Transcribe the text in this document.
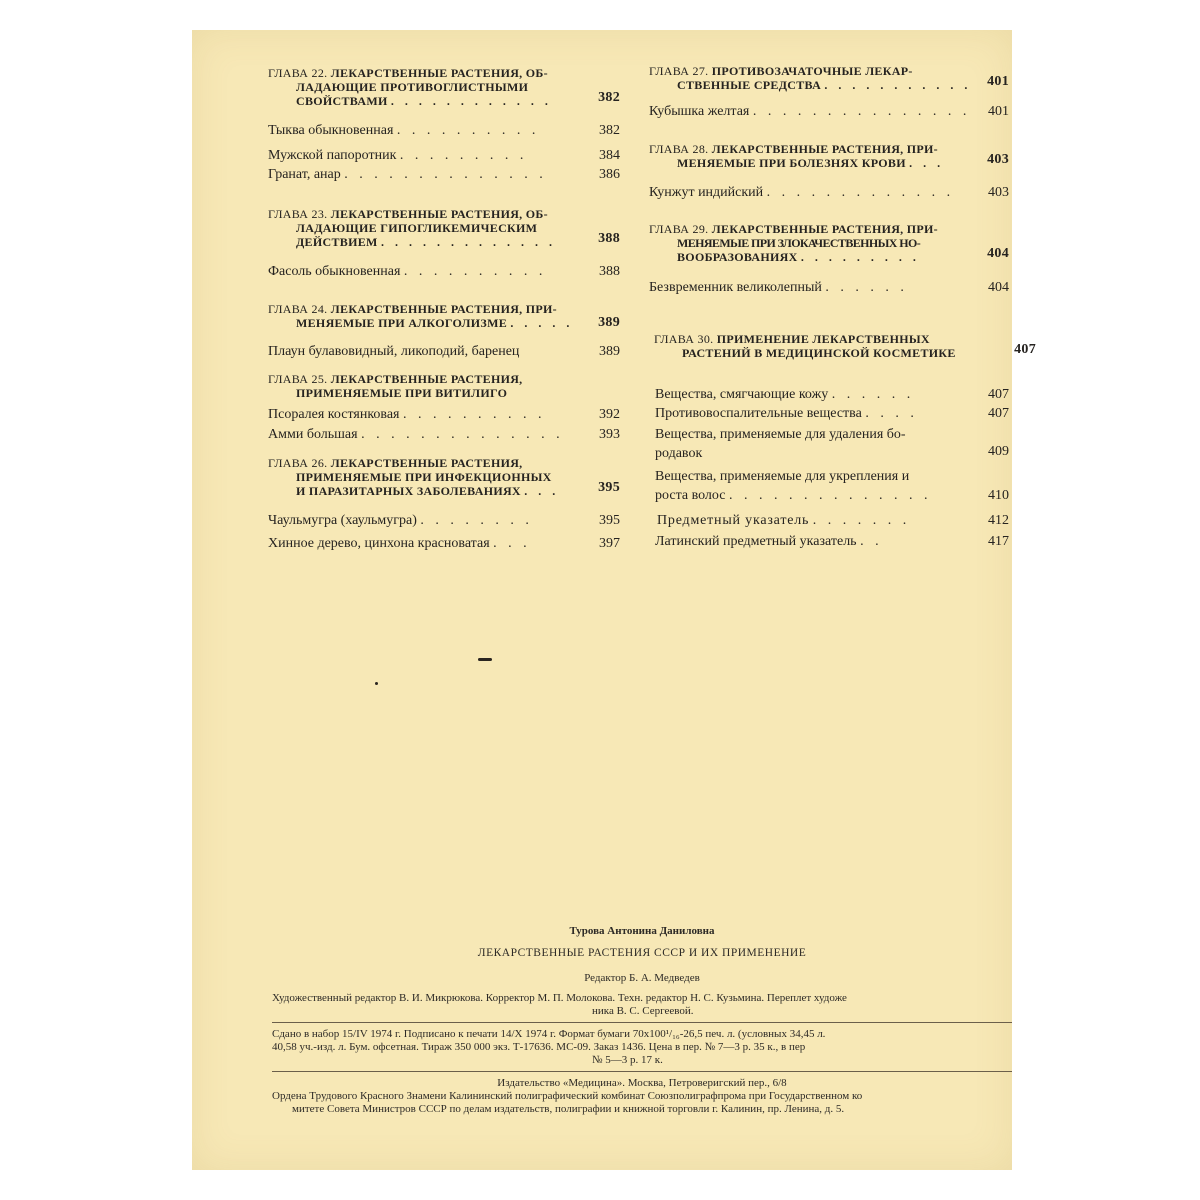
ГЛАВА 22. ЛЕКАРСТВЕННЫЕ РАСТЕНИЯ, ОБ-
ЛАДАЮЩИЕ ПРОТИВОГЛИСТНЫМИ
СВОЙСТВАМИ . . . . . . . . . . . .	382
Тыква обыкновенная . . . . . . . . . .	382
Мужской папоротник . . . . . . . . .	384
Гранат, анар . . . . . . . . . . . . . .	386
ГЛАВА 23. ЛЕКАРСТВЕННЫЕ РАСТЕНИЯ, ОБ-
ЛАДАЮЩИЕ ГИПОГЛИКЕМИЧЕСКИМ
ДЕЙСТВИЕМ . . . . . . . . . . . . .	388
Фасоль обыкновенная . . . . . . . . . .	388
ГЛАВА 24. ЛЕКАРСТВЕННЫЕ РАСТЕНИЯ, ПРИ-
МЕНЯЕМЫЕ ПРИ АЛКОГОЛИЗМЕ . . . . . 389
Плаун булавовидный, ликоподий, баренец	389
ГЛАВА 25. ЛЕКАРСТВЕННЫЕ РАСТЕНИЯ,
ПРИМЕНЯЕМЫЕ ПРИ ВИТИЛИГО
Псоралея костянковая . . . . . . . . . .	392
Амми большая . . . . . . . . . . . . . .	393
ГЛАВА 26. ЛЕКАРСТВЕННЫЕ РАСТЕНИЯ,
ПРИМЕНЯЕМЫЕ ПРИ ИНФЕКЦИОННЫХ
И ПАРАЗИТАРНЫХ ЗАБОЛЕВАНИЯХ . . .	395
Чаульмугра (хаульмугра) . . . . . . . .	395
Хинное дерево, цинхона красноватая . . .	397
ГЛАВА 27. ПРОТИВОЗАЧАТОЧНЫЕ ЛЕКАР-
СТВЕННЫЕ СРЕДСТВА . . . . . . . . . . . 401
Кубышка желтая . . . . . . . . . . . . . . . 401
ГЛАВА 28. ЛЕКАРСТВЕННЫЕ РАСТЕНИЯ, ПРИ-
МЕНЯЕМЫЕ ПРИ БОЛЕЗНЯХ КРОВИ . . .	403
Кунжут индийский . . . . . . . . . . . . . 403
ГЛАВА 29. ЛЕКАРСТВЕННЫЕ РАСТЕНИЯ, ПРИ-
МЕНЯЕМЫЕ ПРИ ЗЛОКАЧЕСТВЕННЫХ НО-
ВООБРАЗОВАНИЯХ . . . . . . . . .	404
Безвременник великолепный . . . . . .	404
ГЛАВА 30. ПРИМЕНЕНИЕ ЛЕКАРСТВЕННЫХ
РАСТЕНИЙ В МЕДИЦИНСКОЙ КОСМЕТИКЕ	407
Вещества, смягчающие кожу . . . . . .	407
Противовоспалительные вещества . . . .	407
Вещества, применяемые для удаления бо-
родавок	409
Вещества, применяемые для укрепления и
роста волос . . . . . . . . . . . . . .	410
Предметный указатель . . . . . . .	412
Латинский предметный указатель . .	417
Турова Антонина Даниловна
ЛЕКАРСТВЕННЫЕ РАСТЕНИЯ СССР И ИХ ПРИМЕНЕНИЕ
Редактор Б. А. Медведев
Художественный редактор В. И. Микрюкова. Корректор М. П. Молокова. Техн. редактор Н. С. Кузьмина. Переплет художе
ника В. С. Сергеевой.
Сдано в набор 15/IV 1974 г. Подписано к печати 14/X 1974 г. Формат бумаги 70х100¹/₁₆-26,5 печ. л. (условных 34,45 л.
40,58 уч.-изд. л. Бум. офсетная. Тираж 350 000 экз. Т-17636. МС-09. Заказ 1436. Цена в пер. № 7—3 р. 35 к., в пер
№ 5—3 р. 17 к.
Издательство «Медицина». Москва, Петроверигский пер., 6/8
Ордена Трудового Красного Знамени Калининский полиграфический комбинат Союзполиграфпрома при Государственном ко
митете Совета Министров СССР по делам издательств, полиграфии и книжной торговли г. Калинин, пр. Ленина, д. 5.
